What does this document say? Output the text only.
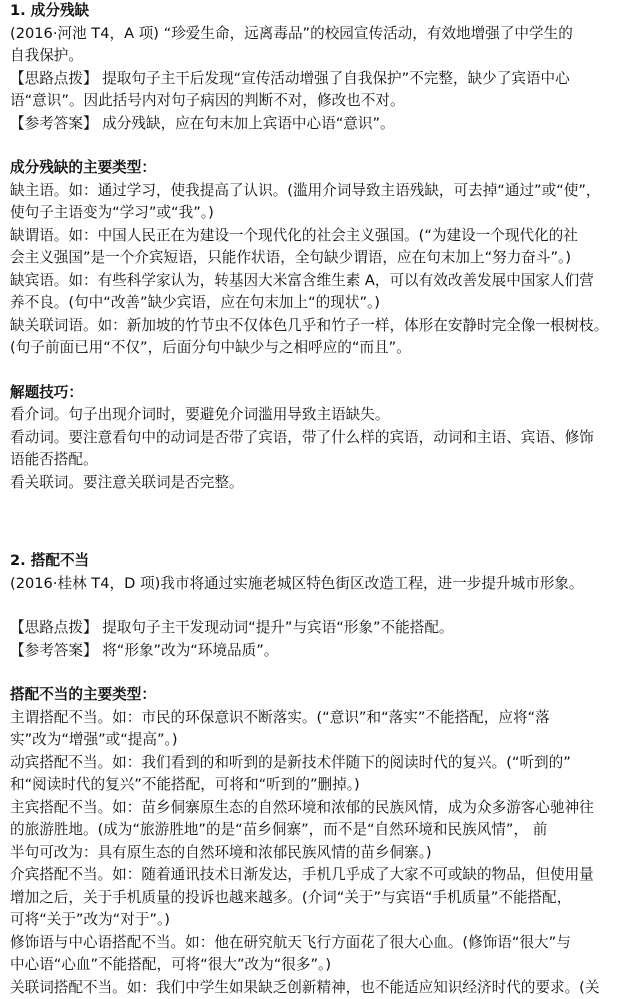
1. 成分残缺
(2016·河池 T4，A 项) “珍爱生命，远离毒品”的校园宣传活动，有效地增强了中学生的
自我保护。
【思路点拨】 提取句子主干后发现“宣传活动增强了自我保护”不完整，缺少了宾语中心
语“意识”。因此括号内对句子病因的判断不对，修改也不对。
【参考答案】 成分残缺，应在句末加上宾语中心语“意识”。
成分残缺的主要类型：
缺主语。如：通过学习，使我提高了认识。(滥用介词导致主语残缺，可去掉“通过”或“使”，
使句子主语变为“学习”或“我”。)
缺谓语。如：中国人民正在为建设一个现代化的社会主义强国。(“为建设一个现代化的社
会主义强国”是一个介宾短语，只能作状语，全句缺少谓语，应在句末加上“努力奋斗”。)
缺宾语。如：有些科学家认为，转基因大米富含维生素 A，可以有效改善发展中国家人们营
养不良。(句中“改善”缺少宾语，应在句末加上“的现状”。)
缺关联词语。如：新加坡的竹节虫不仅体色几乎和竹子一样，体形在安静时完全像一根树枝。
(句子前面已用“不仅”，后面分句中缺少与之相呼应的“而且”。
解题技巧：
看介词。句子出现介词时，要避免介词滥用导致主语缺失。
看动词。要注意看句中的动词是否带了宾语，带了什么样的宾语，动词和主语、宾语、修饰
语能否搭配。
看关联词。要注意关联词是否完整。
2. 搭配不当
(2016·桂林 T4，D 项)我市将通过实施老城区特色街区改造工程，进一步提升城市形象。
【思路点拨】 提取句子主干发现动词“提升”与宾语“形象”不能搭配。
【参考答案】 将“形象”改为“环境品质”。
搭配不当的主要类型：
主谓搭配不当。如：市民的环保意识不断落实。(“意识”和“落实”不能搭配，应将“落
实”改为“增强”或“提高”。)
动宾搭配不当。如：我们看到的和听到的是新技术伴随下的阅读时代的复兴。(“听到的”
和“阅读时代的复兴”不能搭配，可将和“听到的”删掉。)
主宾搭配不当。如：苗乡侗寨原生态的自然环境和浓郁的民族风情，成为众多游客心驰神往
的旅游胜地。(成为“旅游胜地”的是“苗乡侗寨”，而不是“自然环境和民族风情”， 前
半句可改为：具有原生态的自然环境和浓郁民族风情的苗乡侗寨。)
介宾搭配不当。如：随着通讯技术日渐发达，手机几乎成了大家不可或缺的物品，但使用量
增加之后，关于手机质量的投诉也越来越多。(介词“关于”与宾语“手机质量”不能搭配，
可将“关于”改为“对于”。)
修饰语与中心语搭配不当。如：他在研究航天飞行方面花了很大心血。(修饰语“很大”与
中心语“心血”不能搭配，可将“很大”改为“很多”。)
关联词搭配不当。如：我们中学生如果缺乏创新精神，也不能适应知识经济时代的要求。(关
